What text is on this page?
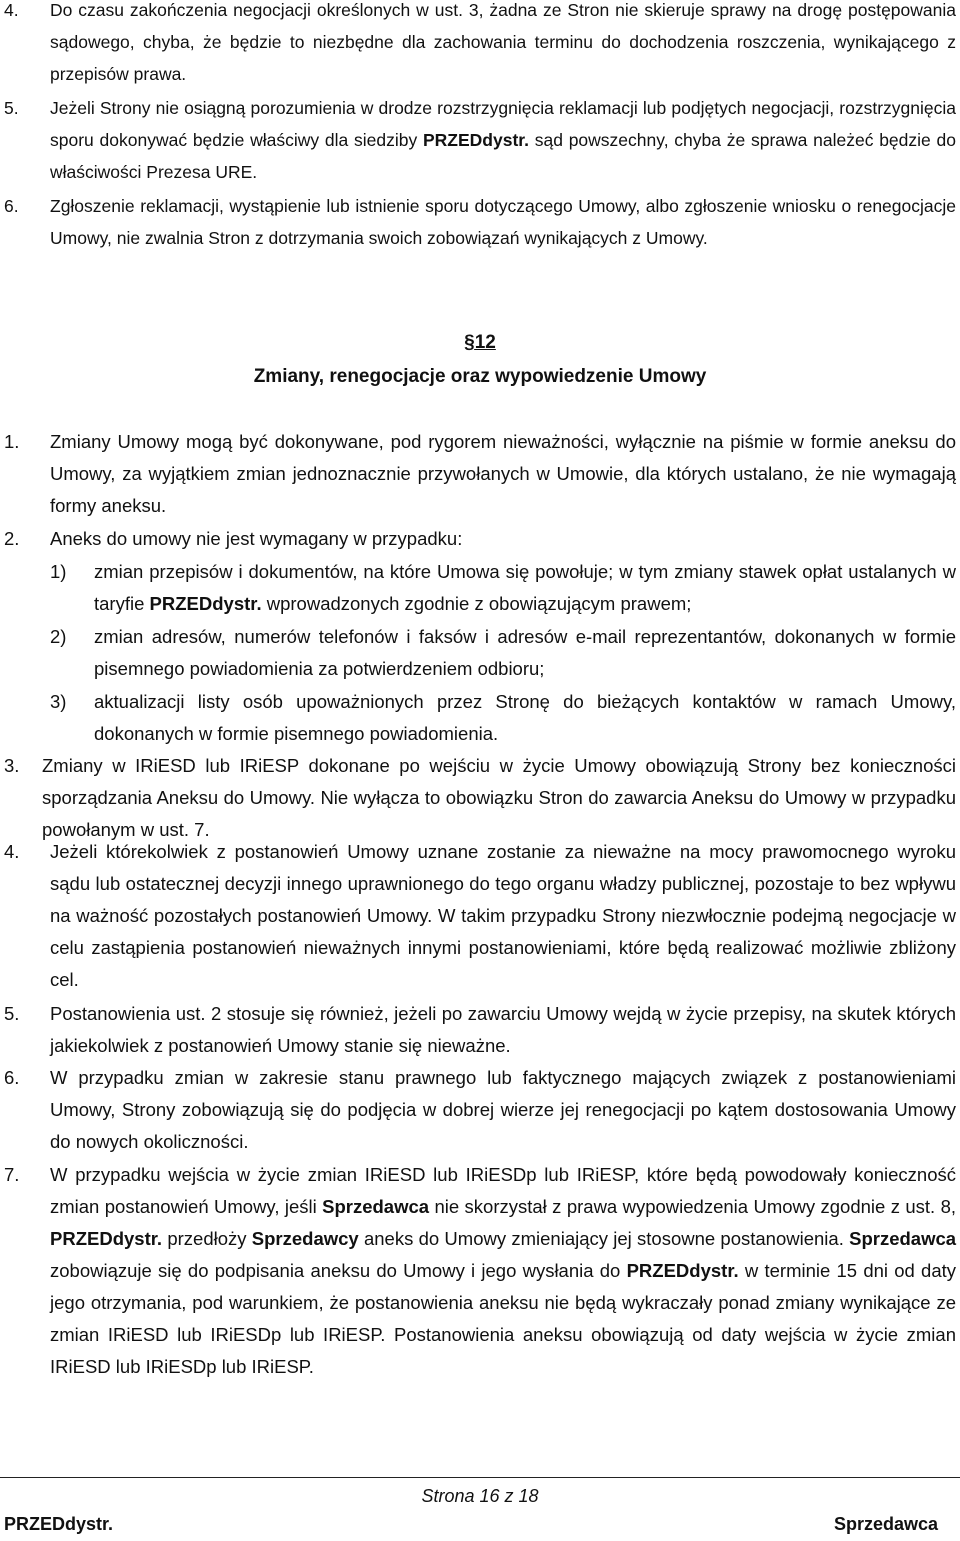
4.	Do czasu zakończenia negocjacji określonych w ust. 3, żadna ze Stron nie skieruje sprawy na drogę postępowania sądowego, chyba, że będzie to niezbędne dla zachowania terminu do dochodzenia roszczenia, wynikającego z przepisów prawa.
5.	Jeżeli Strony nie osiągną porozumienia w drodze rozstrzygnięcia reklamacji lub podjętych negocjacji, rozstrzygnięcia sporu dokonywać będzie właściwy dla siedziby PRZEDdystr. sąd powszechny, chyba że sprawa należeć będzie do właściwości Prezesa URE.
6.	Zgłoszenie reklamacji, wystąpienie lub istnienie sporu dotyczącego Umowy, albo zgłoszenie wniosku o renegocjacje Umowy, nie zwalnia Stron z dotrzymania swoich zobowiązań wynikających z Umowy.
§12
Zmiany, renegocjacje oraz wypowiedzenie Umowy
1.	Zmiany Umowy mogą być dokonywane, pod rygorem nieważności, wyłącznie na piśmie w formie aneksu do Umowy, za wyjątkiem zmian jednoznacznie przywołanych w Umowie, dla których ustalano, że nie wymagają formy aneksu.
2.	Aneks do umowy nie jest wymagany w przypadku:
1)	zmian przepisów i dokumentów, na które Umowa się powołuje; w tym zmiany stawek opłat ustalanych w taryfie PRZEDdystr. wprowadzonych zgodnie z obowiązującym prawem;
2)	zmian adresów, numerów telefonów i faksów i adresów e-mail reprezentantów, dokonanych w formie pisemnego powiadomienia za potwierdzeniem odbioru;
3)	aktualizacji listy osób upoważnionych przez Stronę do bieżących kontaktów w ramach Umowy, dokonanych w formie pisemnego powiadomienia.
3.	Zmiany w IRiESD lub IRiESP dokonane po wejściu w życie Umowy obowiązują Strony bez konieczności sporządzania Aneksu do Umowy. Nie wyłącza to obowiązku Stron do zawarcia Aneksu do Umowy w przypadku powołanym w ust. 7.
4.	Jeżeli którekolwiek z postanowień Umowy uznane zostanie za nieważne na mocy prawomocnego wyroku sądu lub ostatecznej decyzji innego uprawnionego do tego organu władzy publicznej, pozostaje to bez wpływu na ważność pozostałych postanowień Umowy. W takim przypadku Strony niezwłocznie podejmą negocjacje w celu zastąpienia postanowień nieważnych innymi postanowieniami, które będą realizować możliwie zbliżony cel.
5.	Postanowienia ust. 2 stosuje się również, jeżeli po zawarciu Umowy wejdą w życie przepisy, na skutek których jakiekolwiek z postanowień Umowy stanie się nieważne.
6.	W przypadku zmian w zakresie stanu prawnego lub faktycznego mających związek z postanowieniami Umowy, Strony zobowiązują się do podjęcia w dobrej wierze jej renegocjacji po kątem dostosowania Umowy do nowych okoliczności.
7.	W przypadku wejścia w życie zmian IRiESD lub IRiESDp lub IRiESP, które będą powodowały konieczność zmian postanowień Umowy, jeśli Sprzedawca nie skorzystał z prawa wypowiedzenia Umowy zgodnie z ust. 8, PRZEDdystr. przedłoży Sprzedawcy aneks do Umowy zmieniający jej stosowne postanowienia. Sprzedawca zobowiązuje się do podpisania aneksu do Umowy i jego wysłania do PRZEDdystr. w terminie 15 dni od daty jego otrzymania, pod warunkiem, że postanowienia aneksu nie będą wykraczały ponad zmiany wynikające ze zmian IRiESD lub IRiESDp lub IRiESP. Postanowienia aneksu obowiązują od daty wejścia w życie zmian IRiESD lub IRiESDp lub IRiESP.
Strona 16 z 18
PRZEDdystr.	Sprzedawca
